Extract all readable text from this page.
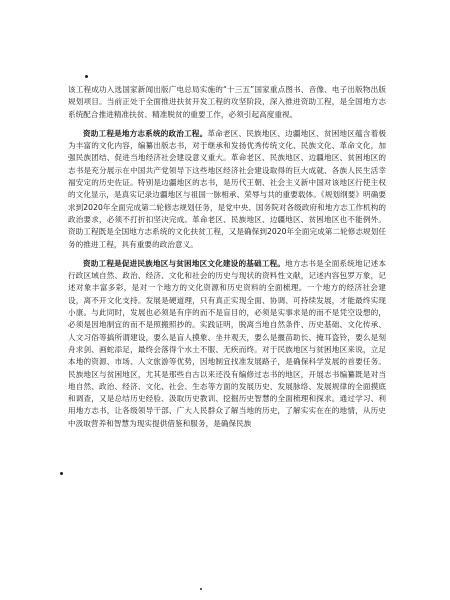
该工程成功入选国家新闻出版广电总局实施的“十三五”国家重点图书、音像、电子出版物出版规划项目。当前正处于全面推进扶贫开发工程的攻坚阶段，深入推进资助工程，是全国地方志系统配合推进精准扶贫、精准脱贫的重要工作，必须引起高度重视。

资助工程是地方志系统的政治工程。革命老区、民族地区、边疆地区、贫困地区蕴含着极为丰富的文化内容，编纂出版志书，对于继承和发扬优秀传统文化、民族文化、革命文化，加强民族团结、促进当地经济社会建设意义重大。革命老区、民族地区、边疆地区、贫困地区的志书是充分展示在中国共产党领导下这些地区经济社会建设取得的巨大成就、各族人民生活幸福安定的历史佐证。特别是边疆地区的志书，是历代王朝、社会主义新中国对该地区行使主权的文化显示，是真实记录边疆地区与祖国一脉相承、荣辱与共的重要载体。《规划纲要》明确要求到2020年全面完成第二轮修志规划任务，是党中央、国务院对各级政府和地方志工作机构的政治要求，必须不打折扣坚决完成。革命老区、民族地区、边疆地区、贫困地区也不能例外。资助工程既是全国地方志系统的文化扶贫工程，又是确保到2020年全面完成第二轮修志规划任务的推进工程，具有重要的政治意义。

资助工程是促进民族地区与贫困地区文化建设的基础工程。地方志书是全面系统地记述本行政区域自然、政治、经济、文化和社会的历史与现状的资料性文献，记述内容包罗万象，记述对象丰富多彩，是对一个地方的文化资源和历史资料的全面梳理。一个地方的经济社会建设，离不开文化支持。发展是硬道理，只有真正实现全面、协调、可持续发展，才能最终实现小康。与此同时，发展也必须是有序的而不是盲目的，必须是实事求是的而不是凭空设想的，必须是因地制宜的而不是照搬照抄的。实践证明，脱离当地自然条件、历史基础、文化传承、人文习俗等搞所谓建设，要么是盲人摸象、坐井观天，要么是揠苗助长、掩耳盗铃，要么是刻舟求剑、画蛇添足，最终会落得个水土不服、无疾而终。对于民族地区与贫困地区来说，立足本地的资源、市场、人文旅游等优势，因地制宜找准发展路子，是确保科学发展的首要任务。民族地区与贫困地区，尤其是那些自古以来还没有编修过志书的地区，开展志书编纂既是对当地自然、政治、经济、文化、社会、生态等方面的发展历史、发展脉络、发展规律的全面摸底和调查，又是总结历史经验、汲取历史教训、挖掘历史智慧的全面梳理和探求。通过学习、利用地方志书，让各级领导干部、广大人民群众了解当地的历史，了解实实在在的地情，从历史中汲取营养和智慧为现实提供借鉴和服务，是确保民族
